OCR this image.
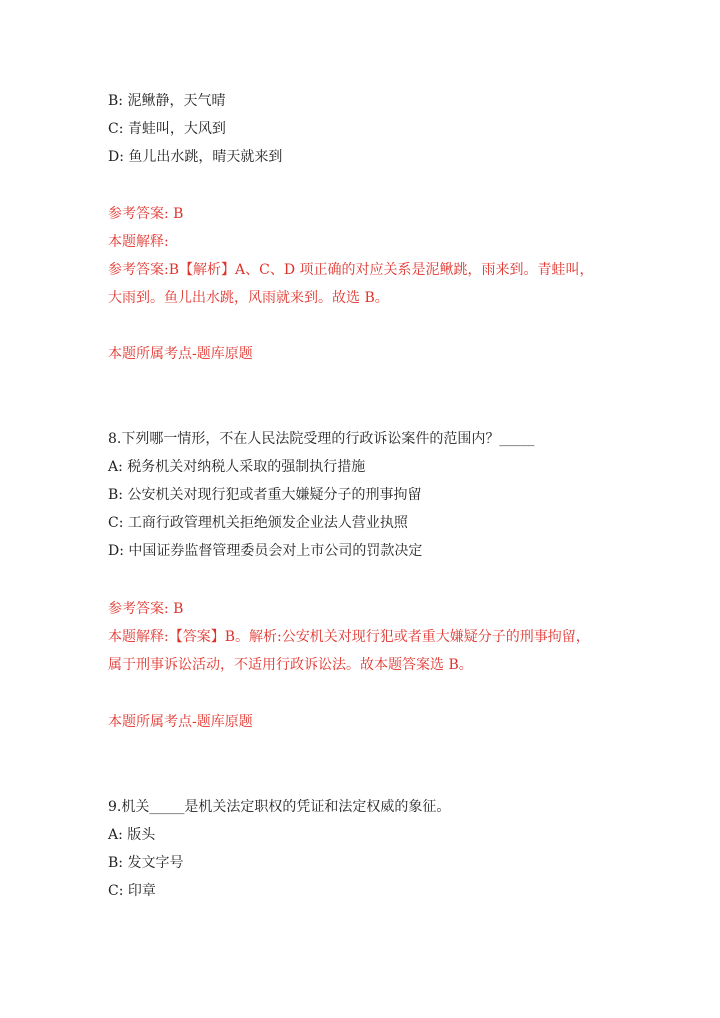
B: 泥鳅静，天气晴
C: 青蛙叫，大风到
D: 鱼儿出水跳，晴天就来到
参考答案: B
本题解释:
参考答案:B【解析】A、C、D 项正确的对应关系是泥鳅跳，雨来到。青蛙叫，
大雨到。鱼儿出水跳，风雨就来到。故选 B。
本题所属考点-题库原题
8.下列哪一情形，不在人民法院受理的行政诉讼案件的范围内？_____
A: 税务机关对纳税人采取的强制执行措施
B: 公安机关对现行犯或者重大嫌疑分子的刑事拘留
C: 工商行政管理机关拒绝颁发企业法人营业执照
D: 中国证券监督管理委员会对上市公司的罚款决定
参考答案: B
本题解释:【答案】B。解析:公安机关对现行犯或者重大嫌疑分子的刑事拘留，
属于刑事诉讼活动，不适用行政诉讼法。故本题答案选 B。
本题所属考点-题库原题
9.机关_____是机关法定职权的凭证和法定权威的象征。
A: 版头
B: 发文字号
C: 印章
